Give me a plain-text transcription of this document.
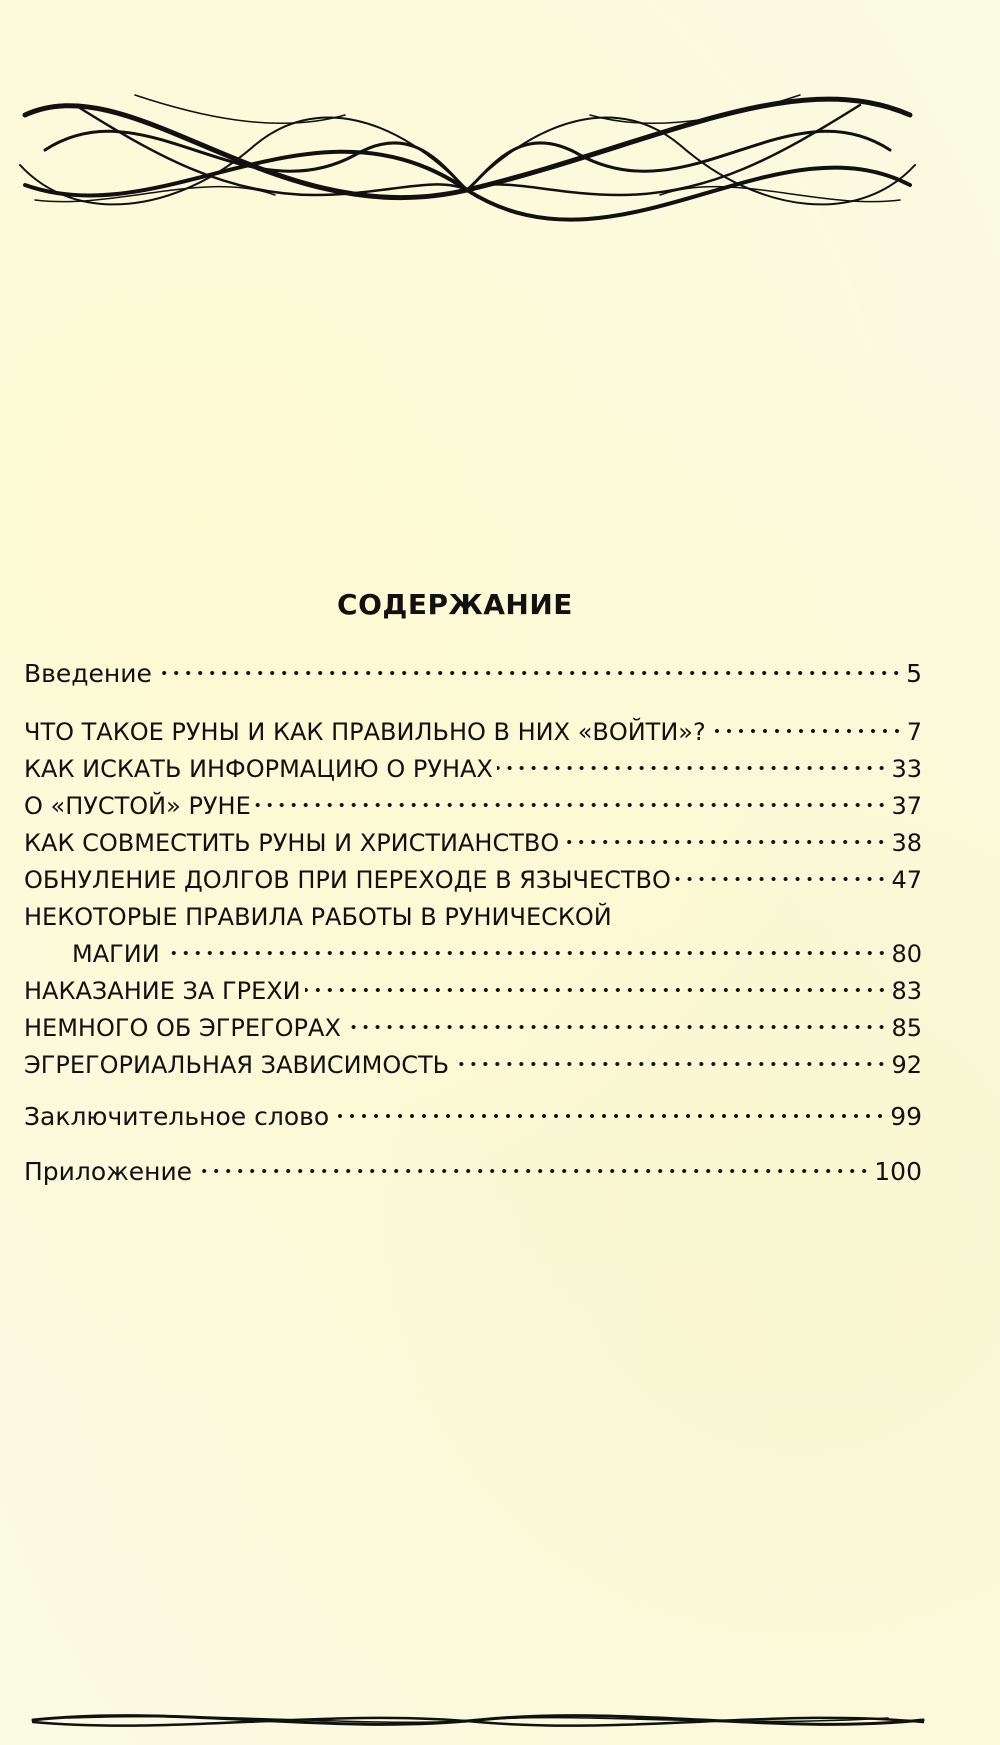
СОДЕРЖАНИЕ
Введение	5
ЧТО ТАКОЕ РУНЫ И КАК ПРАВИЛЬНО В НИХ «ВОЙТИ»?	7
КАК ИСКАТЬ ИНФОРМАЦИЮ О РУНАХ	33
О «ПУСТОЙ» РУНЕ	37
КАК СОВМЕСТИТЬ РУНЫ И ХРИСТИАНСТВО	38
ОБНУЛЕНИЕ ДОЛГОВ ПРИ ПЕРЕХОДЕ В ЯЗЫЧЕСТВО	47
НЕКОТОРЫЕ ПРАВИЛА РАБОТЫ В РУНИЧЕСКОЙ
МАГИИ	80
НАКАЗАНИЕ ЗА ГРЕХИ	83
НЕМНОГО ОБ ЭГРЕГОРАХ	85
ЭГРЕГОРИАЛЬНАЯ ЗАВИСИМОСТЬ	92
Заключительное слово	99
Приложение	100
